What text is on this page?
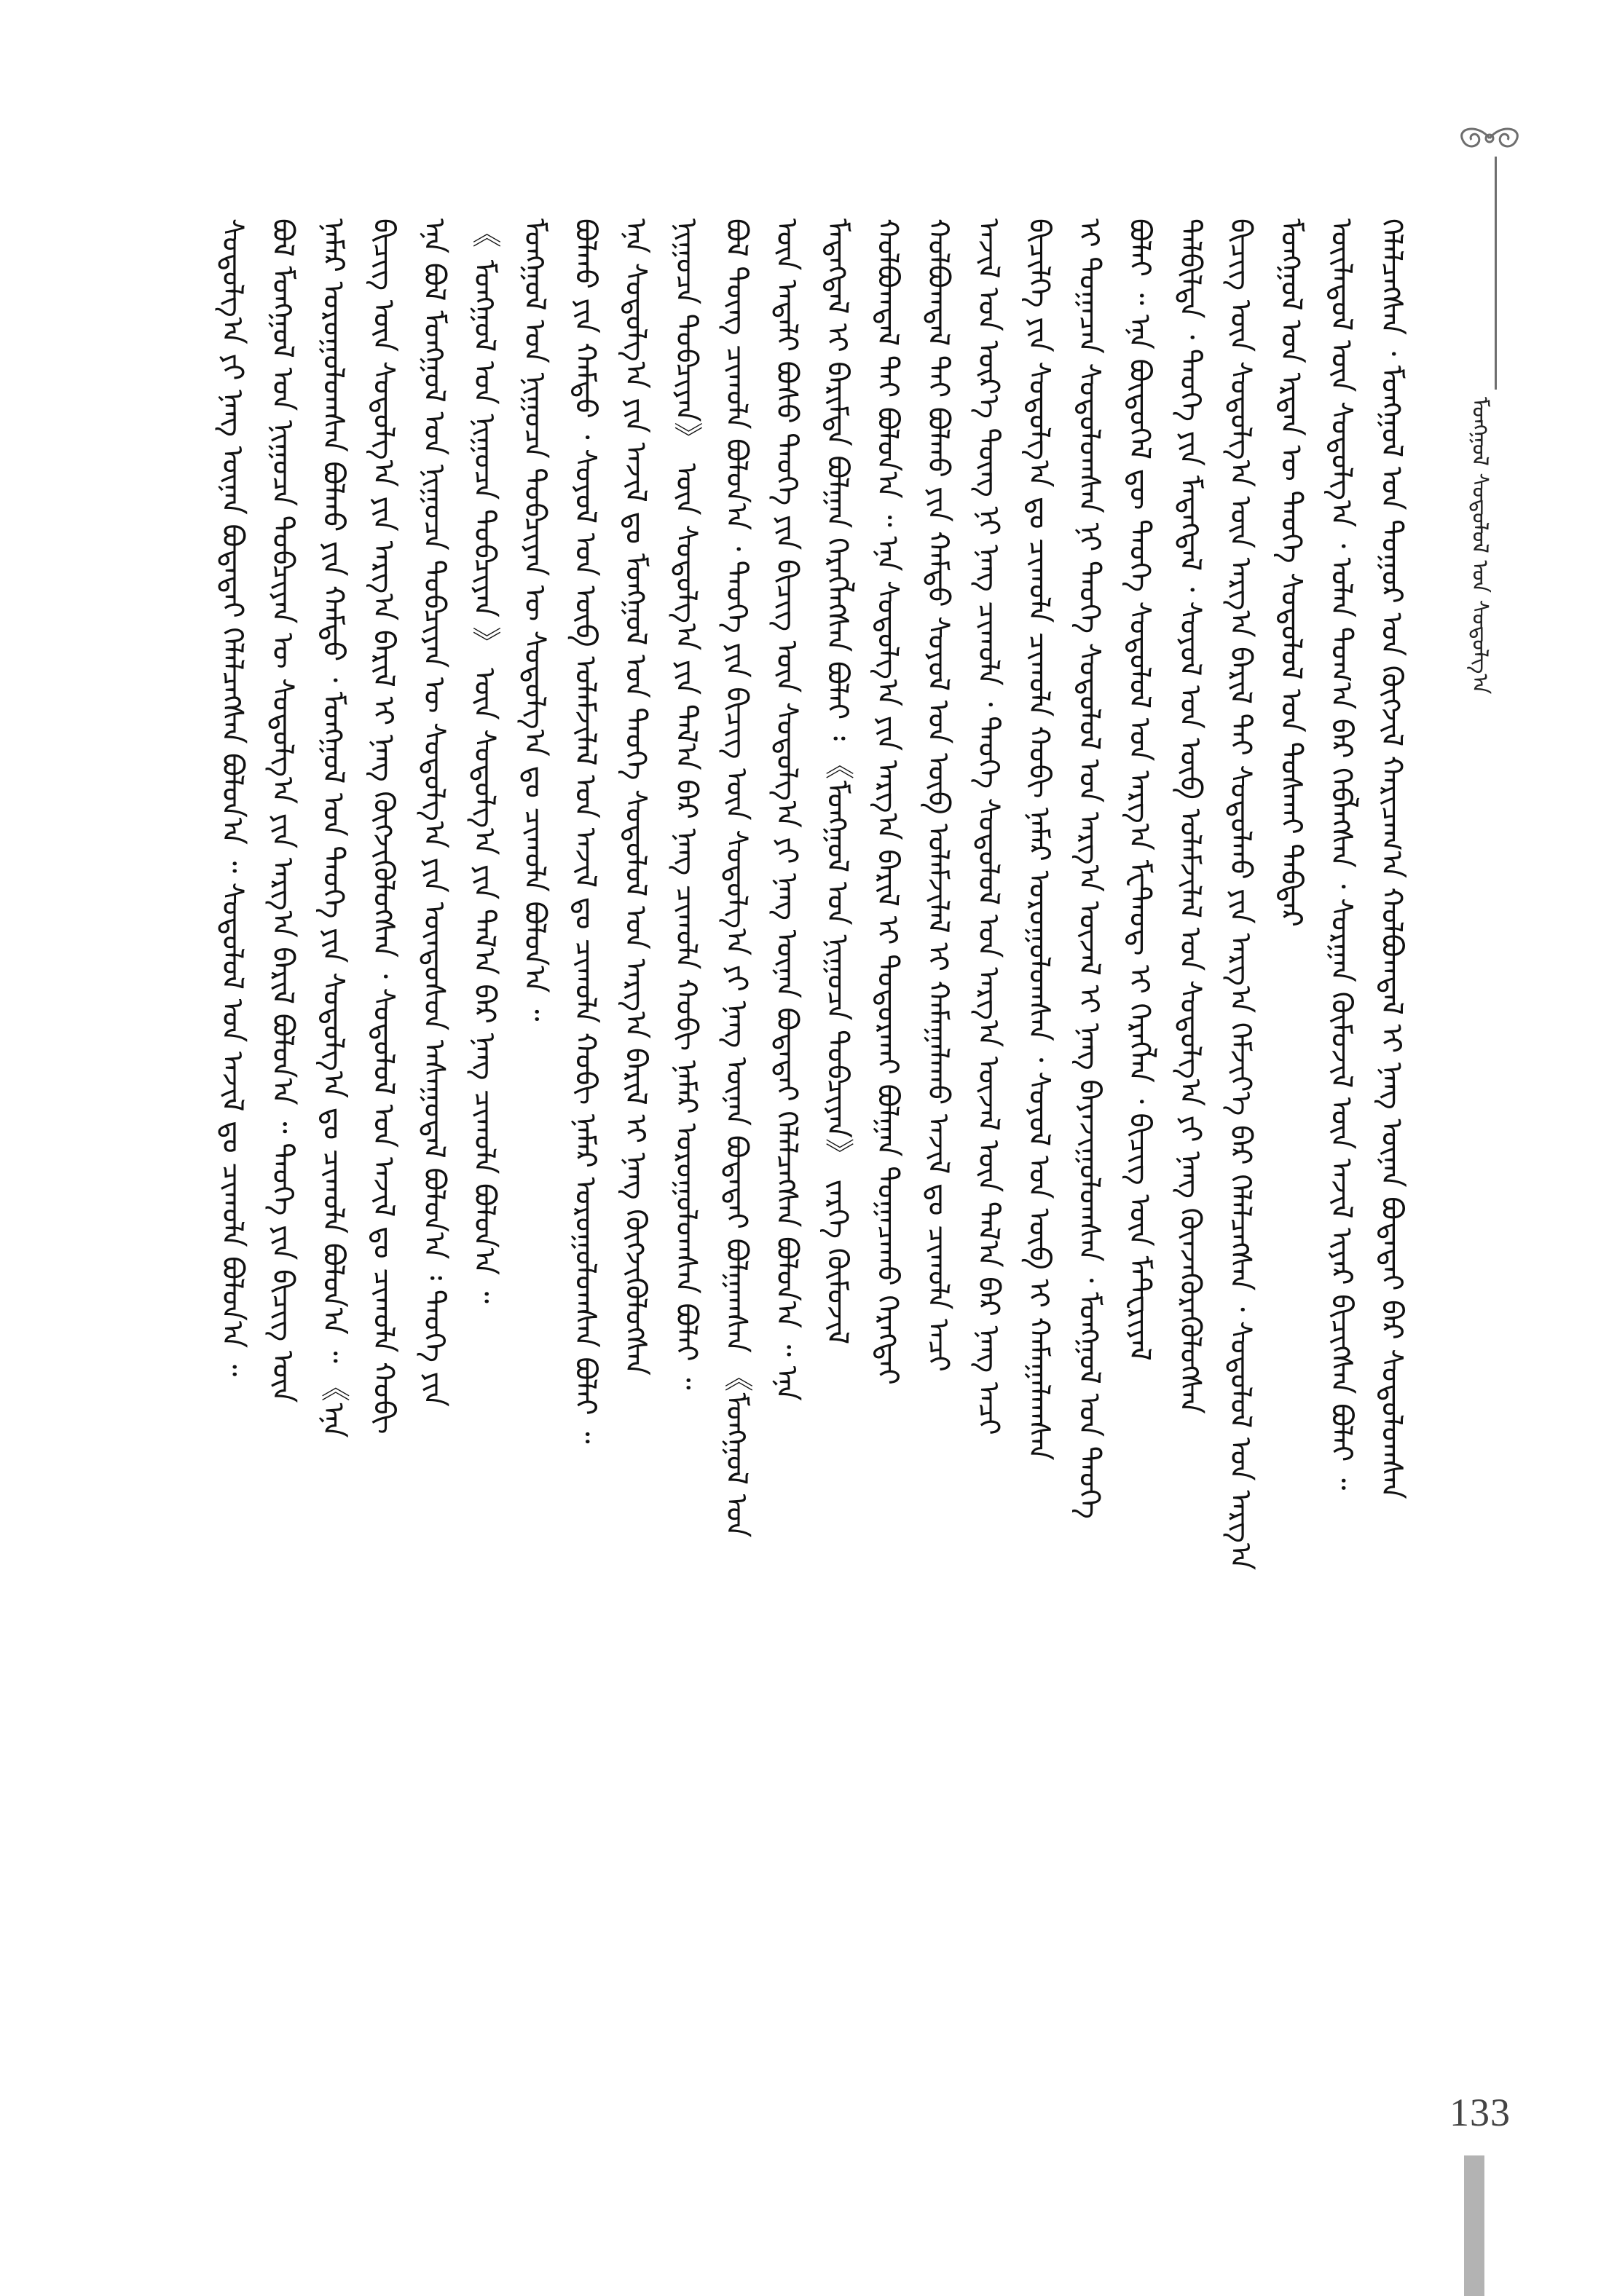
ᠮᠣᠩᠭᠣᠯ ᠰᠤᠳᠤᠯᠤᠯ ᠤᠨ ᠰᠤᠳᠤᠯᠭ᠎ᠠ
ᠬᠡᠯᠡᠯᠴᠡᠭᠰᠡᠨ ᠂ ᠮᠣᠩᠭᠣᠯ ᠤᠨ ᠳᠤᠭᠤᠷ ᠤᠨ ᠬᠥᠭᠵᠢᠯ ᠬᠠᠷᠢᠴᠠᠭ᠎ᠠ ᠬᠣᠯᠪᠣᠭᠳᠠᠯ ᠢ ᠨᠡᠩ ᠦᠨᠡᠨ ᠪᠣᠳᠠᠲᠠᠢ ᠪᠠᠷ ᠰᠤᠳᠤᠯᠤᠭᠰᠠᠨ
ᠦᠢᠯᠡᠳᠦᠯ ᠦᠨ ᠰᠤᠳᠤᠯᠭ᠎ᠠ ᠂ ᠣᠯᠠᠨ ᠲᠣᠭ᠎ᠠ ᠪᠠᠷ ᠬᠡᠪᠯᠡᠭᠰᠡᠨ ᠂ ᠰᠤᠷᠭᠠᠨ ᠬᠦᠮᠦᠵᠢᠯ ᠦᠨ ᠠᠵᠢᠯ ᠢᠶᠠᠷ ᠪᠢᠴᠢᠭᠰᠡᠨ ᠪᠣᠯᠠᠢ ᠃
ᠮᠣᠩᠭᠣᠯ ᠤᠨ ᠡᠷᠲᠡᠨ ᠦ ᠲᠡᠦᠬᠡ ᠰᠤᠳᠤᠯᠤᠯ ᠤᠨ ᠲᠤᠰᠬᠠᠢ ᠳᠡᠪᠲᠡᠷ
ᠪᠢᠴᠢᠭ ᠦᠨ ᠰᠤᠳᠤᠯᠭ᠎ᠠ ᠦᠨ ᠠᠷᠭ᠎ᠠ ᠪᠠᠷᠢᠯ ᠲᠠᠢ ᠰᠤᠳᠤᠯᠬᠤ ᠶᠢᠨ ᠠᠷᠭ᠎ᠠ ᠬᠡᠮᠵᠢᠶ᠎ᠡ ᠪᠠᠷ ᠬᠡᠯᠡᠯᠴᠡᠭᠰᠡᠨ ᠂ ᠰᠤᠳᠤᠯᠤᠯ ᠤᠨ ᠠᠷᠭ᠎ᠠ
ᠲᠠᠯᠪᠢᠯᠲᠠ ᠂ ᠲᠡᠦᠬᠡ ᠶᠢᠨ ᠮᠡᠳᠡᠭᠳᠡᠯ ᠂ ᠰᠣᠶᠣᠯ ᠤᠨ ᠥᠪ ᠤᠯᠠᠮᠵᠢᠯᠠᠯ ᠤᠨ ᠰᠤᠳᠤᠯᠭ᠎ᠠ ᠶᠢ ᠨᠡᠩ ᠭᠦᠨᠵᠡᠭᠦᠷᠡᠭᠦᠯᠦᠭᠰᠡᠨ
ᠪᠣᠯᠠᠢ ᠃ ᠡᠨᠡ ᠪᠦᠲᠦᠭᠡᠯ ᠳᠦ ᠲᠡᠦᠬᠡ ᠰᠤᠳᠤᠯᠤᠯ ᠤᠨ ᠠᠷᠭ᠎ᠠ ᠮᠸᠲ᠋ᠣ᠋ᠳ᠋ ᠢ ᠬᠡᠷᠡᠭᠯᠡᠨ ᠂ ᠪᠢᠴᠢᠭ ᠦᠨ ᠮᠠᠲ᠋ᠧᠷᠢᠶᠠᠯ
ᠢ ᠲᠣᠭᠠᠴᠠᠨ ᠰᠤᠳᠤᠯᠤᠭᠰᠠᠨ ᠨᠢ ᠲᠡᠦᠬᠡ ᠰᠤᠳᠤᠯᠤᠯ ᠤᠨ ᠠᠷᠭ᠎ᠠ ᠦᠵᠡᠯ ᠢ ᠨᠡᠩ ᠪᠠᠶᠠᠵᠢᠭᠤᠯᠤᠭᠰᠠᠨ ᠂ ᠮᠣᠩᠭᠣᠯ ᠤᠨ ᠲᠡᠦᠬᠡ
ᠪᠢᠴᠢᠯᠭᠡ ᠶᠢᠨ ᠰᠤᠳᠤᠯᠭ᠎ᠠ ᠳᠤ ᠴᠢᠬᠤᠯᠠ ᠴᠢᠬᠤᠯᠠ ᠬᠤᠪᠢ ᠨᠡᠮᠡᠷ ᠣᠷᠣᠭᠤᠯᠤᠭᠰᠠᠨ ᠂ ᠰᠣᠶᠣᠯ ᠤᠨ ᠥᠪ ᠢ ᠬᠠᠮᠠᠭᠠᠯᠠᠭᠰᠠᠨ
ᠠᠵᠢᠯ ᠤᠨ ᠦᠷ᠎ᠡ ᠳᠦᠩ ᠨᠢ ᠨᠡᠩ ᠴᠢᠬᠤᠯᠠ ᠂ ᠲᠡᠦᠬᠡ ᠰᠤᠳᠤᠯᠤᠯ ᠤᠨ ᠠᠷᠭ᠎ᠠ ᠦᠵᠡᠯ ᠦᠨ ᠲᠠᠯ᠎ᠠ ᠪᠠᠷ ᠨᠡᠩ ᠠᠴᠢ
ᠬᠣᠯᠪᠣᠭᠳᠠᠯ ᠲᠠᠢ ᠪᠣᠯᠬᠤ ᠶᠢᠨ ᠬᠠᠮᠲᠤ ᠰᠣᠶᠣᠯ ᠤᠨ ᠥᠪ ᠤᠯᠠᠮᠵᠢᠯᠠᠯ ᠢ ᠬᠠᠮᠠᠭᠠᠯᠠᠬᠤ ᠠᠵᠢᠯ ᠳᠤ ᠴᠢᠬᠤᠯᠠ ᠠᠴᠢ
ᠬᠣᠯᠪᠣᠭᠳᠠᠯ ᠲᠠᠢ ᠪᠣᠯᠤᠨ᠎ᠠ ᠃ ᠡᠨᠡ ᠰᠤᠳᠤᠯᠭ᠎ᠠ ᠶᠢᠨ ᠠᠷᠭ᠎ᠠ ᠪᠠᠷᠢᠯ ᠢ ᠲᠣᠳᠤᠷᠬᠠᠢ ᠪᠣᠯᠭᠠᠨ ᠲᠣᠭᠠᠴᠠᠬᠤ ᠬᠡᠷᠡᠭᠲᠡᠢ
ᠮᠡᠳᠡᠭᠳᠡᠯ ᠢ ᠪᠠᠷᠢᠮᠲᠠ ᠪᠣᠯᠭᠠᠨ ᠬᠡᠷᠡᠭᠯᠡᠭᠰᠡᠨ ᠪᠣᠯᠠᠢ ᠄ 《ᠮᠣᠩᠭᠣᠯ ᠤᠨ ᠨᠢᠭᠤᠴᠠ ᠲᠣᠪᠴᠢᠶᠠᠨ》 ᠵᠡᠷᠭᠡ ᠬᠦᠮᠦᠵᠢᠯ
ᠦᠨ ᠠᠳᠠᠯᠢ ᠪᠤᠰᠤ ᠲᠡᠦᠬᠡ ᠶᠢᠨ ᠪᠢᠴᠢᠭ ᠦᠨ ᠰᠤᠳᠤᠯᠭ᠎ᠠ ᠶᠢ ᠨᠡᠩ ᠦᠨᠡᠨ ᠪᠣᠳᠠᠲᠠᠢ ᠬᠡᠯᠡᠯᠴᠡᠭᠰᠡᠨ ᠪᠣᠯᠤᠨ᠎ᠠ ᠃ ᠡᠨᠡ
ᠪᠣᠯ ᠳᠦᠩ ᠴᠢᠬᠤᠯᠠ ᠪᠣᠯᠤᠨ᠎ᠠ ᠂ ᠲᠡᠦᠬᠡ ᠶᠢᠨ ᠪᠢᠴᠢᠭ ᠦᠨ ᠰᠤᠳᠤᠯᠭ᠎ᠠ ᠶᠢ ᠨᠡᠩ ᠦᠨᠡᠨ ᠪᠣᠳᠠᠲᠠᠢ ᠪᠣᠯᠭᠠᠭᠰᠠᠨ 《ᠮᠣᠩᠭᠣᠯ ᠤᠨ
ᠨᠢᠭᠤᠴᠠ ᠲᠣᠪᠴᠢᠶᠠᠨ》 ᠦᠨ ᠰᠤᠳᠤᠯᠭ᠎ᠠ ᠶᠢᠨ ᠲᠠᠯ᠎ᠠ ᠪᠠᠷ ᠨᠡᠩ ᠴᠢᠬᠤᠯᠠ ᠬᠤᠪᠢ ᠨᠡᠮᠡᠷ ᠣᠷᠣᠭᠤᠯᠤᠭᠰᠠᠨ ᠪᠣᠯᠠᠢ ᠃
ᠡᠨᠡ ᠰᠤᠳᠤᠯᠭ᠎ᠠ ᠶᠢᠨ ᠠᠵᠢᠯ ᠳᠤ ᠮᠣᠩᠭᠣᠯ ᠤᠨ ᠲᠡᠦᠬᠡ ᠰᠤᠳᠤᠯᠤᠯ ᠤᠨ ᠠᠷᠭ᠎ᠠ ᠪᠠᠷᠢᠯ ᠢ ᠨᠡᠩ ᠬᠥᠭᠵᠢᠭᠦᠯᠦᠭᠰᠡᠨ
ᠪᠣᠯᠬᠤ ᠶᠢᠨ ᠬᠠᠮᠲᠤ ᠂ ᠰᠣᠶᠣᠯ ᠤᠨ ᠥᠪ ᠤᠯᠠᠮᠵᠢᠯᠠᠯ ᠤᠨ ᠠᠵᠢᠯ ᠳᠤ ᠴᠢᠬᠤᠯᠠ ᠬᠤᠪᠢ ᠨᠡᠮᠡᠷ ᠣᠷᠣᠭᠤᠯᠤᠭᠰᠠᠨ ᠪᠣᠯᠠᠢ ᠃
ᠮᠣᠩᠭᠣᠯ ᠤᠨ ᠨᠢᠭᠤᠴᠠ ᠲᠣᠪᠴᠢᠶᠠᠨ ᠦ ᠰᠤᠳᠤᠯᠭ᠎ᠠ ᠳᠤ ᠴᠢᠬᠤᠯᠠ ᠪᠣᠯᠤᠨ᠎ᠠ ᠃
《 ᠮᠣᠩᠭᠣᠯ ᠤᠨ ᠨᠢᠭᠤᠴᠠ ᠲᠣᠪᠴᠢᠶᠠᠨ 》 ᠦᠨ ᠰᠤᠳᠤᠯᠭ᠎ᠠ ᠶᠢᠨ ᠲᠠᠯ᠎ᠠ ᠪᠠᠷ ᠨᠡᠩ ᠴᠢᠬᠤᠯᠠ ᠪᠣᠯᠤᠨ᠎ᠠ ᠃
ᠡᠨᠡ ᠪᠣᠯ ᠮᠣᠩᠭᠣᠯ ᠤᠨ ᠨᠢᠭᠤᠴᠠ ᠲᠣᠪᠴᠢᠶᠠᠨ ᠦ ᠰᠤᠳᠤᠯᠭ᠎ᠠ ᠶᠢᠨ ᠦᠨᠳᠦᠰᠦᠨ ᠠᠰᠠᠭᠤᠳᠠᠯ ᠪᠣᠯᠤᠨ᠎ᠠ ᠄ ᠲᠡᠦᠬᠡ ᠶᠢᠨ
ᠪᠢᠴᠢᠭ ᠦᠨ ᠰᠤᠳᠤᠯᠭ᠎ᠠ ᠶᠢᠨ ᠠᠷᠭ᠎ᠠ ᠪᠠᠷᠢᠯ ᠢ ᠨᠡᠩ ᠬᠥᠭᠵᠢᠭᠦᠯᠦᠭᠰᠡᠨ ᠂ ᠰᠤᠳᠤᠯᠤᠯ ᠤᠨ ᠠᠵᠢᠯ ᠳᠤ ᠴᠢᠬᠤᠯᠠ ᠬᠤᠪᠢ
ᠨᠡᠮᠡᠷ ᠣᠷᠣᠭᠤᠯᠤᠭᠰᠠᠨ ᠪᠣᠯᠬᠤ ᠶᠢᠨ ᠬᠠᠮᠲᠤ ᠂ ᠮᠣᠩᠭᠣᠯ ᠤᠨ ᠲᠡᠦᠬᠡ ᠶᠢᠨ ᠰᠤᠳᠤᠯᠭ᠎ᠠ ᠳᠤ ᠴᠢᠬᠤᠯᠠ ᠪᠣᠯᠤᠨ᠎ᠠ ᠃ 《ᠡᠨᠡ
ᠪᠣᠯ ᠮᠣᠩᠭᠣᠯ ᠤᠨ ᠨᠢᠭᠤᠴᠠ ᠲᠣᠪᠴᠢᠶᠠᠨ ᠦ ᠰᠤᠳᠤᠯᠭ᠎ᠠ ᠶᠢᠨ ᠠᠷᠭ᠎ᠠ ᠪᠠᠷᠢᠯ ᠪᠣᠯᠤᠨ᠎ᠠ ᠃ ᠲᠡᠦᠬᠡ ᠶᠢᠨ ᠪᠢᠴᠢᠭ ᠦᠨ
ᠰᠤᠳᠤᠯᠭ᠎ᠠ ᠶᠢ ᠨᠡᠩ ᠦᠨᠡᠨ ᠪᠣᠳᠠᠲᠠᠢ ᠬᠡᠯᠡᠯᠴᠡᠭᠰᠡᠨ ᠪᠣᠯᠤᠨ᠎ᠠ ᠃ ᠰᠤᠳᠤᠯᠤᠯ ᠤᠨ ᠠᠵᠢᠯ ᠳᠤ ᠴᠢᠬᠤᠯᠠ ᠪᠣᠯᠤᠨ᠎ᠠ ᠃
133
